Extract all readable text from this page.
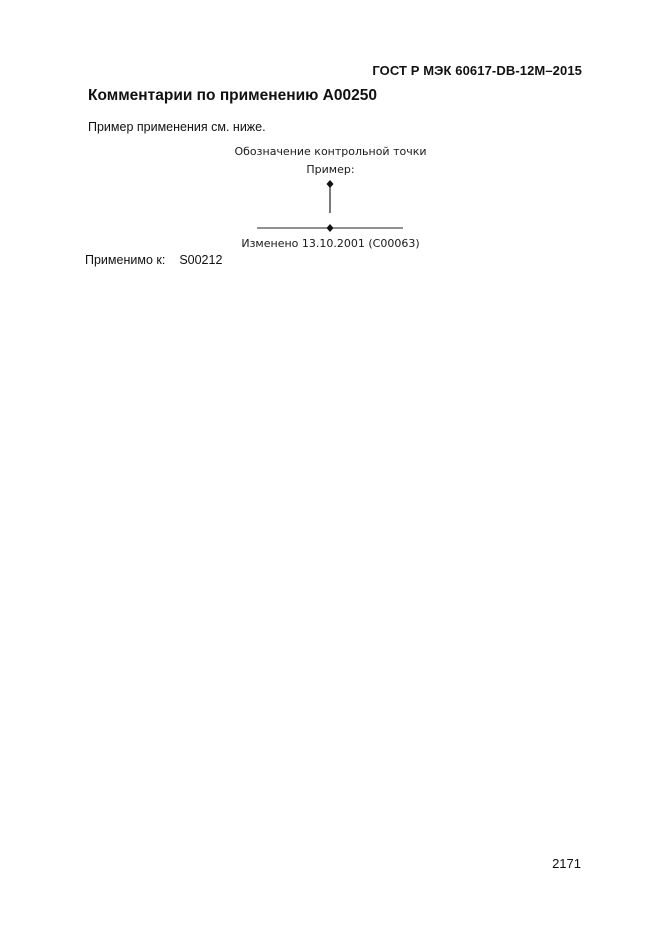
ГОСТ Р МЭК 60617-DB-12M–2015
Комментарии по применению A00250
Пример применения см. ниже.
Обозначение контрольной точки
Пример:
Изменено 13.10.2001 (C00063)
Применимо к: S00212
2171
